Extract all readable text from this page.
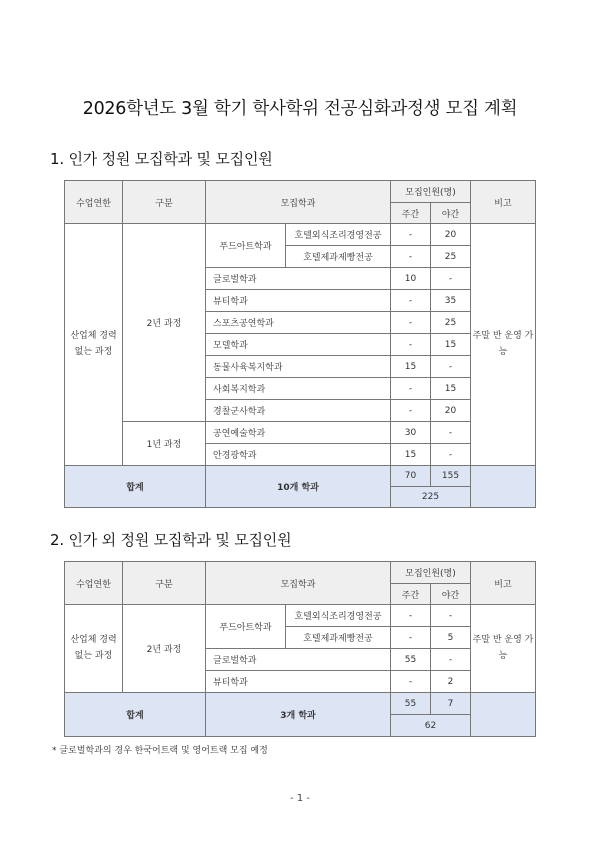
2026학년도 3월 학기 학사학위 전공심화과정생 모집 계획
1. 인가 정원 모집학과 및 모집인원
수업연한	구분	모집학과		모집인원(명)		비고
				주간	야간	
산업체 경력 없는 과정	2년 과정	푸드아트학과	호텔외식조리경영전공	-	20	주말 반 운영 가능
			호텔제과제빵전공	-	25	
		글로벌학과		10	-	
		뷰티학과		-	35	
		스포츠공연학과		-	25	
		모델학과		-	15	
		동물사육복지학과		15	-	
		사회복지학과		-	15	
		경찰군사학과		-	20	
	1년 과정	공연예술학과		30	-	
		안경광학과		15	-	
합계		10개 학과		70	155	
				225		
2. 인가 외 정원 모집학과 및 모집인원
수업연한	구분	모집학과		모집인원(명)		비고
				주간	야간	
산업체 경력 없는 과정	2년 과정	푸드아트학과	호텔외식조리경영전공	-	-	주말 반 운영 가능
			호텔제과제빵전공	-	5	
		글로벌학과		55	-	
		뷰티학과		-	2	
합계		3개 학과		55	7	
				62		
* 글로벌학과의 경우 한국어트랙 및 영어트랙 모집 예정
- 1 -
